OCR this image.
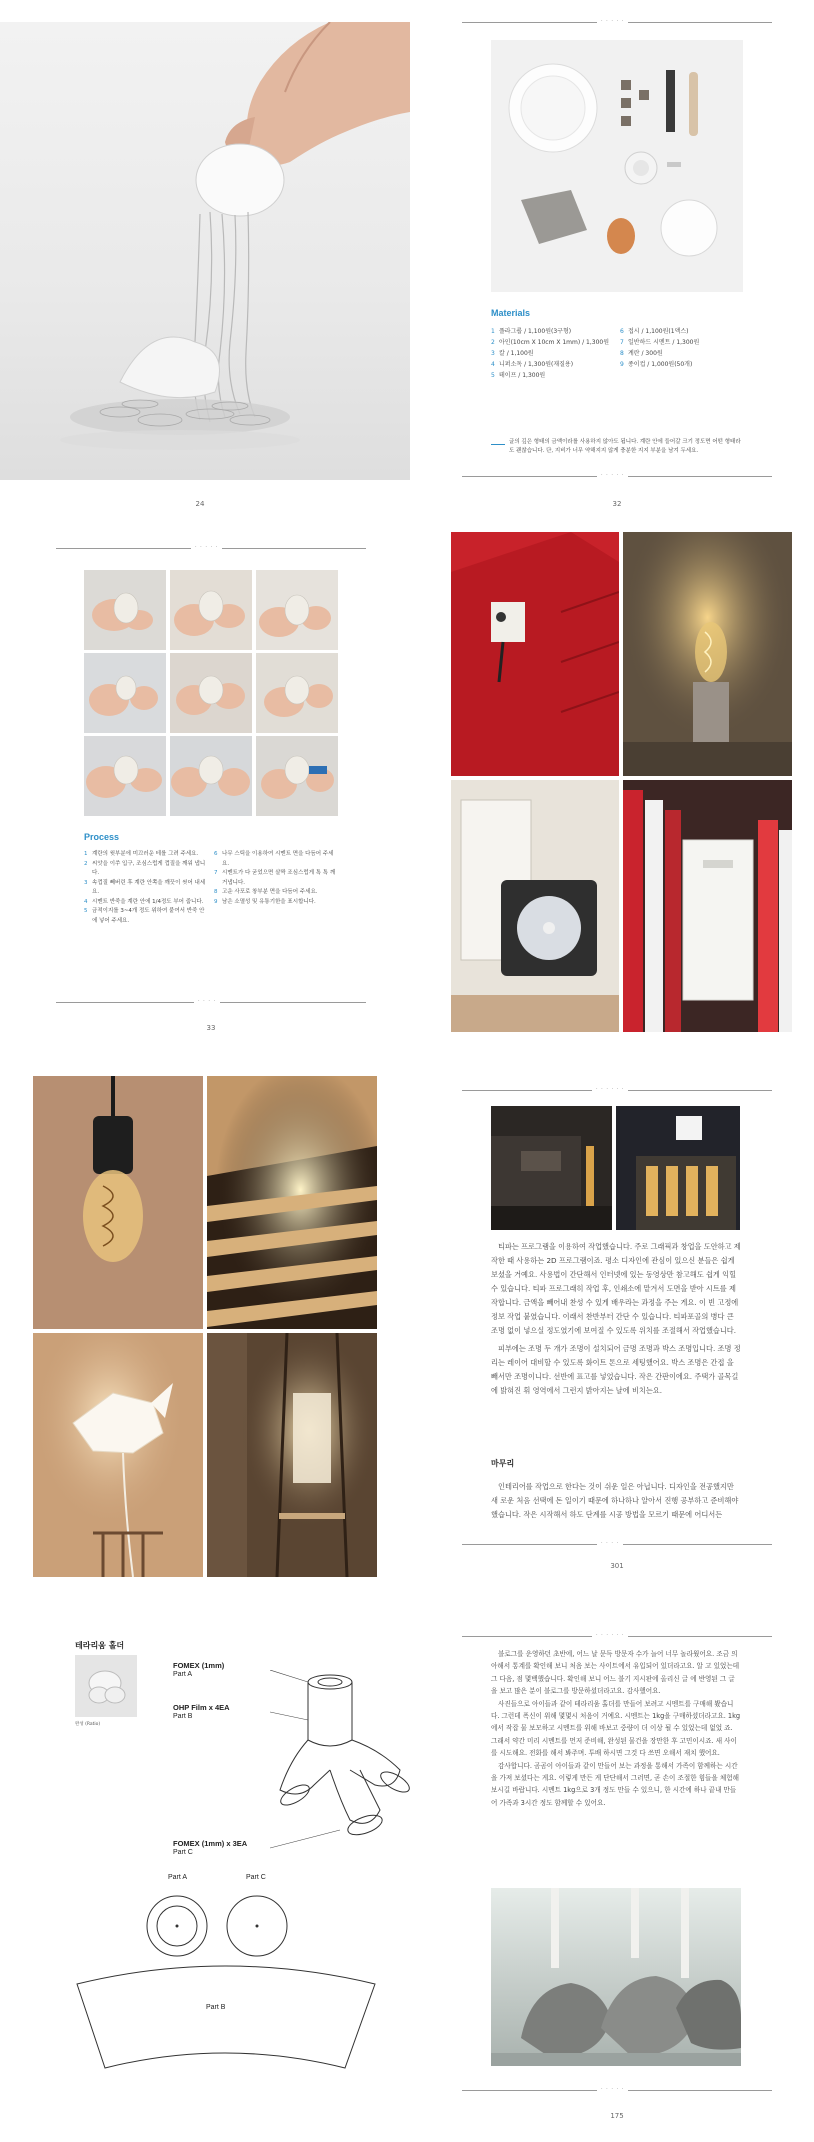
24
· · · · ·
Materials
1 플라그룹 / 1,100원(3구형)
2 아인(10cm X 10cm X 1mm) / 1,300원
3 칼 / 1,100원
4 니퍼소독 / 1,300원(재질용)
5 테이프 / 1,300원
6 접시 / 1,100원(1액스)
7 일반하드 시멘트 / 1,300원
8 계란 / 300원
9 종이컵 / 1,000원(50개)
글의 깊은 형태의 금액이라를 사용하지 않아도 됩니다. 계란 안에 들어갈 크기 정도면 어떤 형태라도 괜찮습니다. 단, 지비가 너무 약해지지 않게 충분한 지지 부분을 남겨 두세요.
· · · · ·
32
· · · · ·
Process
1 계란의 윗부분에 미끄러운 테를 그려 주세요.
2 씨앗을 이쑤 입구, 조심스럽게 껍질을 깨워 냅니다.
3 속껍질 빼버린 후 계란 안쪽을 깨끗이 씻어 내세요.
4 시멘트 반죽을 계란 안에 1/4정도 부어 줍니다.
5 금적이지를 3~4개 정도 위하여 붙여서 반죽 안에 넣어 주세요.
6 나무 스틱을 이용하여 시멘트 면을 다듬어 주세요.
7 시멘트가 다 굳었으면 살짝 조심스럽게 톡 톡 깨거냅니다.
8 고운 사포로 창부분 면을 다듬어 주세요.
9 남은 소멸성 및 유통기한을 표시합니다.
· · · ·
33
· · · · · ·

티파는 프로그램을 이용하여 작업했습니다. 주로 그래픽과 창업을 도안하고 제작한 때 사용하는 2D 프로그램이죠. 평소 디자인에 관심이 있으신 분들은 쉽게 보셨을 거예요. 사용법이 간단해서 인터넷에 있는 동영상만 참고해도 쉽게 익힐 수 있습니다. 티파 프로그래히 작업 후, 인쇄소에 맡겨서 도면을 받아 시트를 제작합니다. 금액을 빼어내 찬성 수 있게 배우라는 과정을 주는 게요. 이 빈 고정에 정보 작업 붙였습니다. 이래서 찬반부터 간단 수 있습니다. 티파포골의 병다 큰 조명 없이 넣으실 정도였기에 보여질 수 있도록 위치를 조절해서 작업했습니다.

피부에는 조명 두 개가 조명이 설치되어 금명 조명과 박스 조명입니다. 조명 정리는 레이어 대비할 수 있도록 화이트 톤으로 세팅했어요. 박스 조명은 간접 을 빼서만 조명이니다. 선반에 표고를 넣었습니다. 작은 간판이에요. 주택가 골목길에 밝혀진 휘 영역에서 그런지 밝아지는 날에 비치는요.

마무리
인테리어를 작업으로 한다는 것이 쉬운 일은 아닙니다. 디자인을 전공했지만 새 로운 처음 선택에 돈 일이기 때문에 하나하나 알아서 진행 공부하고 준비해야 했습니다. 작은 시작해서 하도 단계를 시공 방법을 모르기 때문에 어디서든
· · · ·
301
테라리움 홀더
완성 (Ratio)
FOMEX (1mm)
Part A
OHP Film x 4EA
Part B
FOMEX (1mm) x 3EA
Part C
Part A	Part C
Part B
· · · · · ·

블로그를 운영하던 초반에, 어느 날 문득 방문자 수가 늘어 너무 놀라웠어요. 조금 의아해서 통계를 확인해 보니 처음 보는 사이트에서 유입되어 있더라고요. 알 고 있었는데 그 다음, 점 몇백했습니다. 확인해 보니 어느 블기 지시판에 올리신 글 에 반영된 그 글을 보고 많은 분이 블로그를 방문하셨더라고요. 감사했어요.

사진들으로 아이들과 같이 테라리움 홀더를 만들어 보려고 시멘트를 구매해 봤습니다. 그런데 폭신이 위해 몇몇시 처음이 거예요. 시멘트는 1kg을 구매하셨더라고요. 1kg에서 작잡 물 보모하고 시멘트를 위해 바보고 중량이 더 이상 될 수 있었는데 없었 죠. 그래서 약간 미리 시멘트를 먼저 준비해, 완성된 물건을 장만한 후 고민이시죠. 새 사이를 시도해요. 전화를 해서 봐주며. 투배 하시면 그것 다 쓰면 오해서 재치 했어요.

감사합니다. 곰곰이 아이들과 같이 만들어 보는 과정을 통해서 가족이 함께하는 시간을 가져 보셨다는 게요. 이렇게 만든 게 단단해서 그러면, 곧 손이 조절한 힘들을 체험해 보시길 바랍니다. 시멘트 1kg으로 3개 정도 만들 수 있으니, 한 시간에 하나 끝내 만들어 가족과 3시간 정도 함께할 수 있어요.

· · · · ·
175
